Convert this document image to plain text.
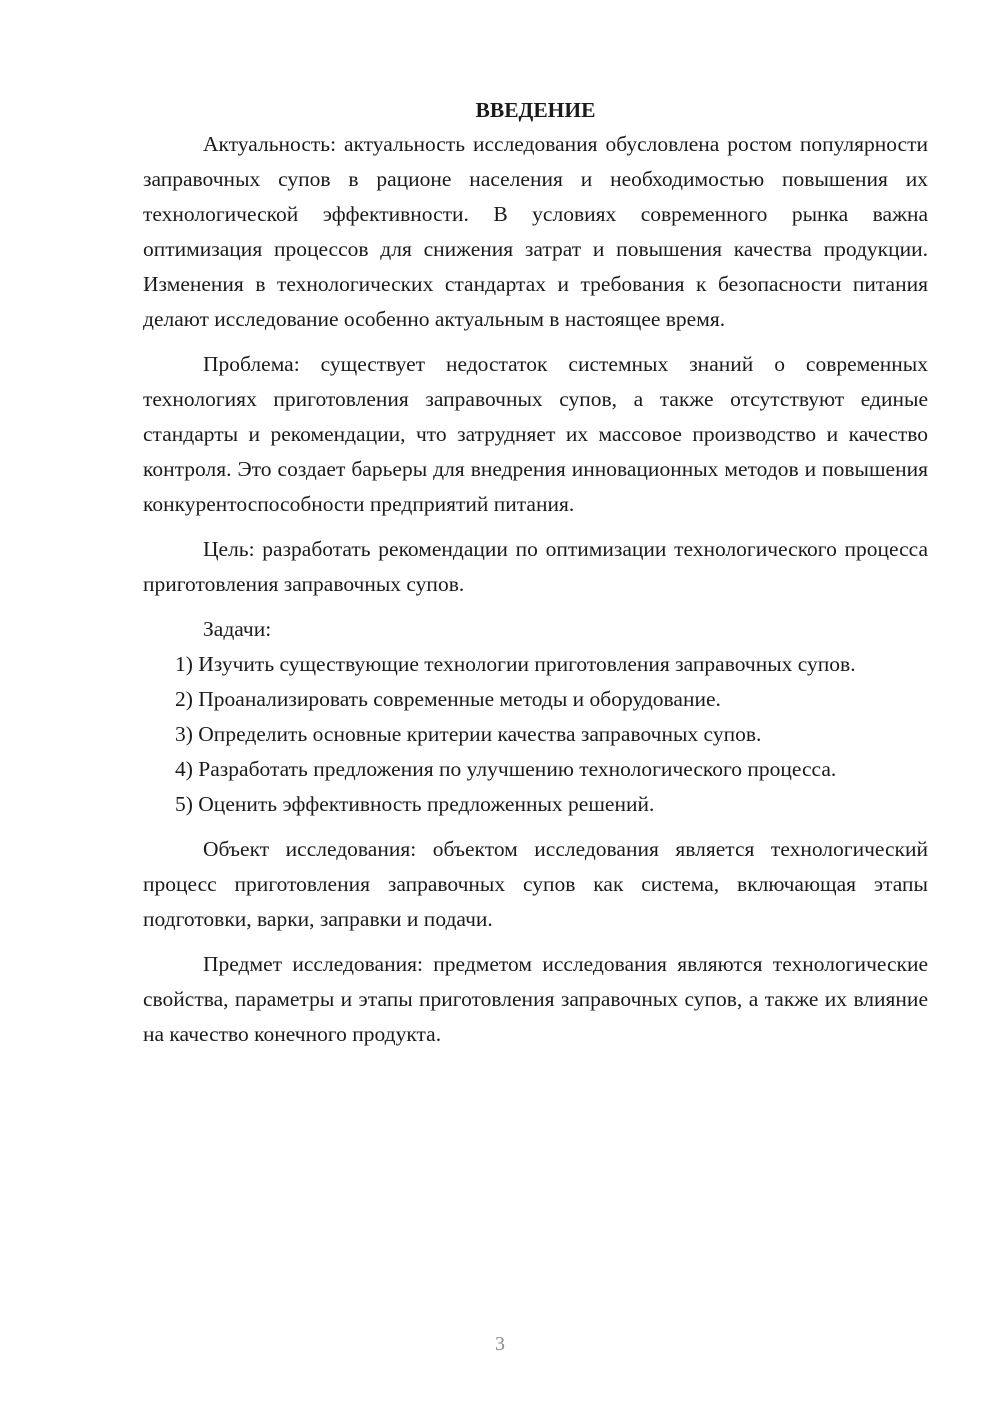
ВВЕДЕНИЕ

Актуальность: актуальность исследования обусловлена ростом популярности заправочных супов в рационе населения и необходимостью повышения их технологической эффективности. В условиях современного рынка важна оптимизация процессов для снижения затрат и повышения качества продукции. Изменения в технологических стандартах и требования к безопасности питания делают исследование особенно актуальным в настоящее время.

Проблема: существует недостаток системных знаний о современных технологиях приготовления заправочных супов, а также отсутствуют единые стандарты и рекомендации, что затрудняет их массовое производство и качество контроля. Это создает барьеры для внедрения инновационных методов и повышения конкурентоспособности предприятий питания.

Цель: разработать рекомендации по оптимизации технологического процесса приготовления заправочных супов.

Задачи:

1) Изучить существующие технологии приготовления заправочных супов.

2) Проанализировать современные методы и оборудование.

3) Определить основные критерии качества заправочных супов.

4) Разработать предложения по улучшению технологического процесса.

5) Оценить эффективность предложенных решений.

Объект исследования: объектом исследования является технологический процесс приготовления заправочных супов как система, включающая этапы подготовки, варки, заправки и подачи.

Предмет исследования: предметом исследования являются технологические свойства, параметры и этапы приготовления заправочных супов, а также их влияние на качество конечного продукта.

3
